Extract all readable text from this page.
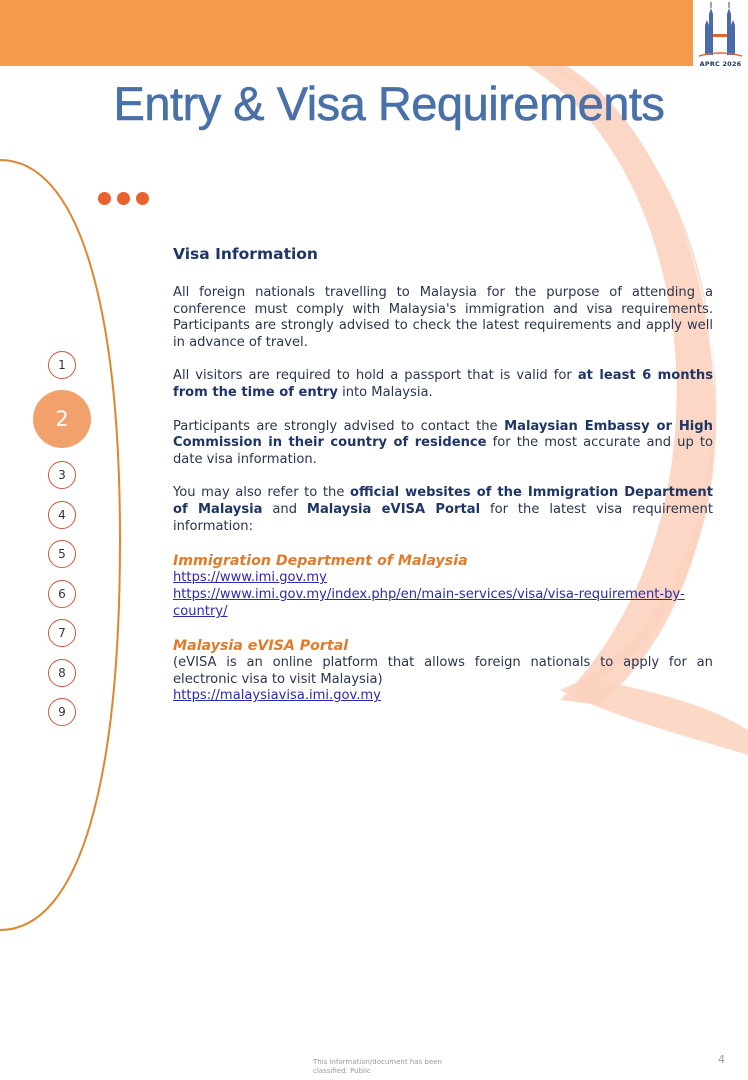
APRC 2026
Entry & Visa Requirements
1
2
3
4
5
6
7
8
9
Visa Information

All foreign nationals travelling to Malaysia for the purpose of attending a conference must comply with Malaysia's immigration and visa requirements. Participants are strongly advised to check the latest requirements and apply well in advance of travel.

All visitors are required to hold a passport that is valid for at least 6 months from the time of entry into Malaysia.

Participants are strongly advised to contact the Malaysian Embassy or High Commission in their country of residence for the most accurate and up to date visa information.

You may also refer to the official websites of the Immigration Department of Malaysia and Malaysia eVISA Portal for the latest visa requirement information:

Immigration Department of Malaysia
https://www.imi.gov.my
https://www.imi.gov.my/index.php/en/main-services/visa/visa-requirement-by-country/
Malaysia eVISA Portal
(eVISA is an online platform that allows foreign nationals to apply for an electronic visa to visit Malaysia)
https://malaysiavisa.imi.gov.my
This information/document has been classified: Public
4
